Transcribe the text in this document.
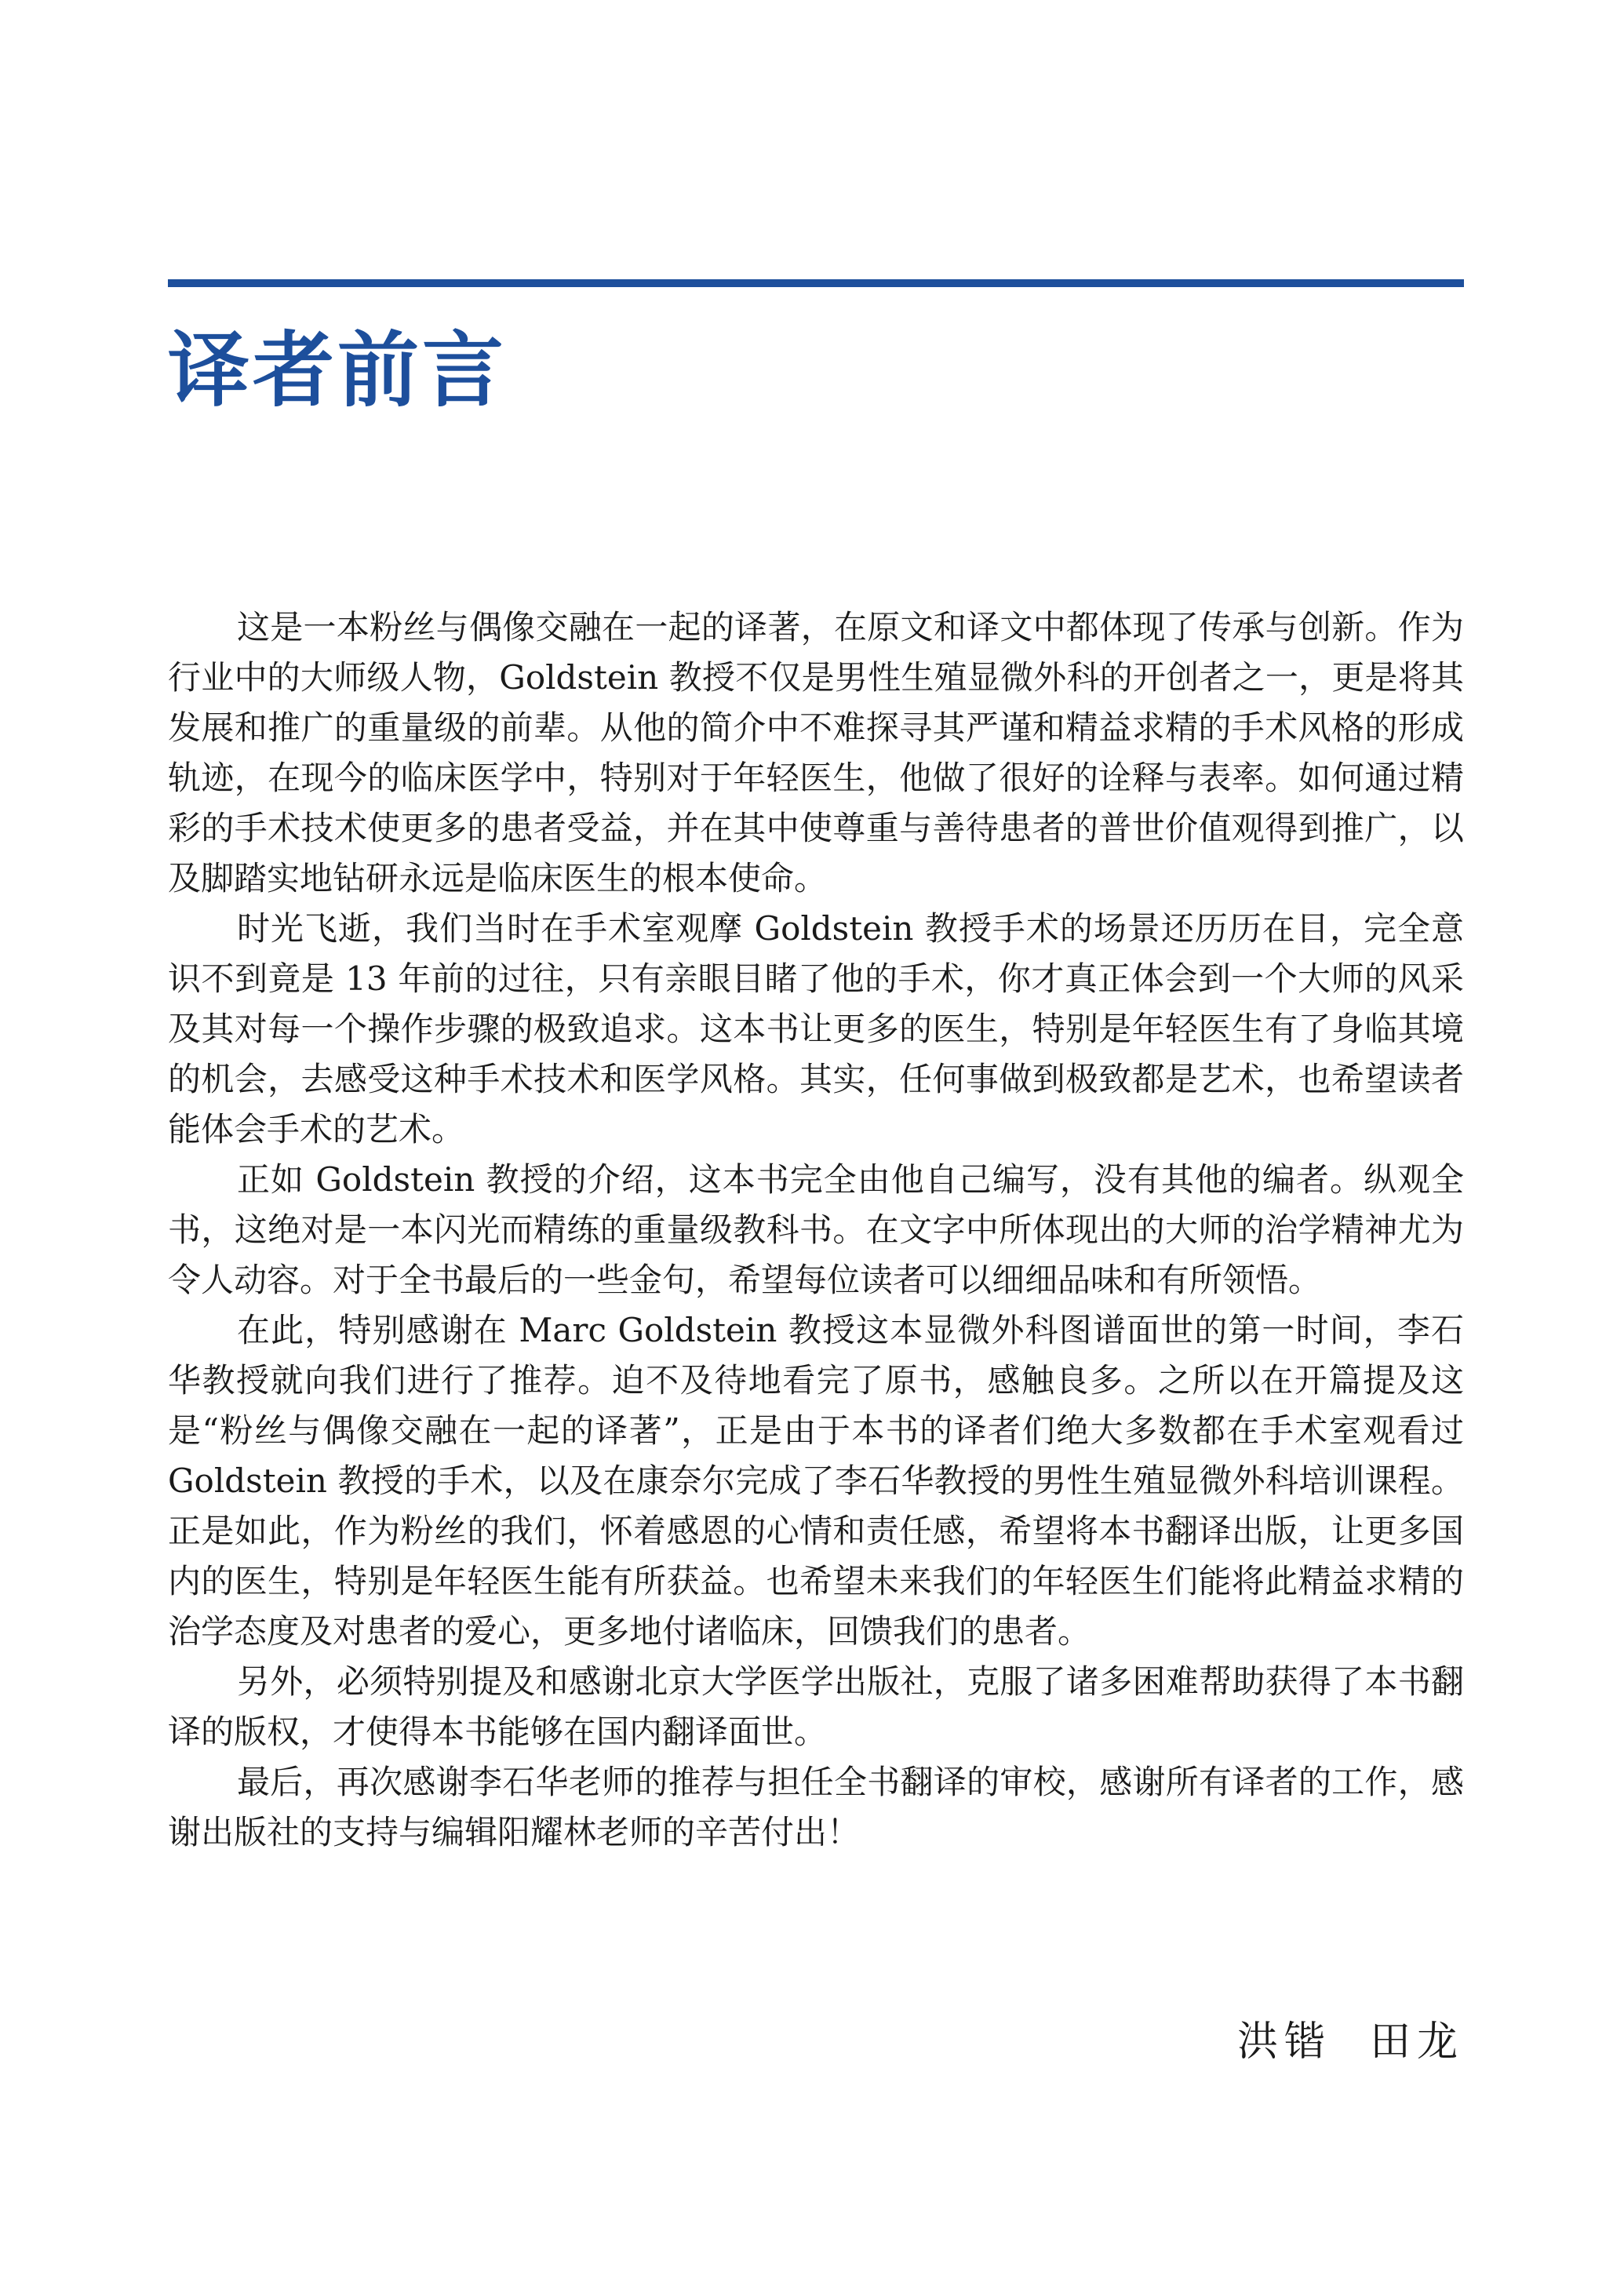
译者前言

这是一本粉丝与偶像交融在一起的译著，在原文和译文中都体现了传承与创新。作为行业中的大师级人物，Goldstein 教授不仅是男性生殖显微外科的开创者之一，更是将其发展和推广的重量级的前辈。从他的简介中不难探寻其严谨和精益求精的手术风格的形成轨迹，在现今的临床医学中，特别对于年轻医生，他做了很好的诠释与表率。如何通过精彩的手术技术使更多的患者受益，并在其中使尊重与善待患者的普世价值观得到推广，以及脚踏实地钻研永远是临床医生的根本使命。

时光飞逝，我们当时在手术室观摩 Goldstein 教授手术的场景还历历在目，完全意识不到竟是 13 年前的过往，只有亲眼目睹了他的手术，你才真正体会到一个大师的风采及其对每一个操作步骤的极致追求。这本书让更多的医生，特别是年轻医生有了身临其境的机会，去感受这种手术技术和医学风格。其实，任何事做到极致都是艺术，也希望读者能体会手术的艺术。

正如 Goldstein 教授的介绍，这本书完全由他自己编写，没有其他的编者。纵观全书，这绝对是一本闪光而精练的重量级教科书。在文字中所体现出的大师的治学精神尤为令人动容。对于全书最后的一些金句，希望每位读者可以细细品味和有所领悟。

在此，特别感谢在 Marc Goldstein 教授这本显微外科图谱面世的第一时间，李石华教授就向我们进行了推荐。迫不及待地看完了原书，感触良多。之所以在开篇提及这是“粉丝与偶像交融在一起的译著”，正是由于本书的译者们绝大多数都在手术室观看过 Goldstein 教授的手术，以及在康奈尔完成了李石华教授的男性生殖显微外科培训课程。正是如此，作为粉丝的我们，怀着感恩的心情和责任感，希望将本书翻译出版，让更多国内的医生，特别是年轻医生能有所获益。也希望未来我们的年轻医生们能将此精益求精的治学态度及对患者的爱心，更多地付诸临床，回馈我们的患者。

另外，必须特别提及和感谢北京大学医学出版社，克服了诸多困难帮助获得了本书翻译的版权，才使得本书能够在国内翻译面世。

最后，再次感谢李石华老师的推荐与担任全书翻译的审校，感谢所有译者的工作，感谢出版社的支持与编辑阳耀林老师的辛苦付出！

洪锴  田龙
